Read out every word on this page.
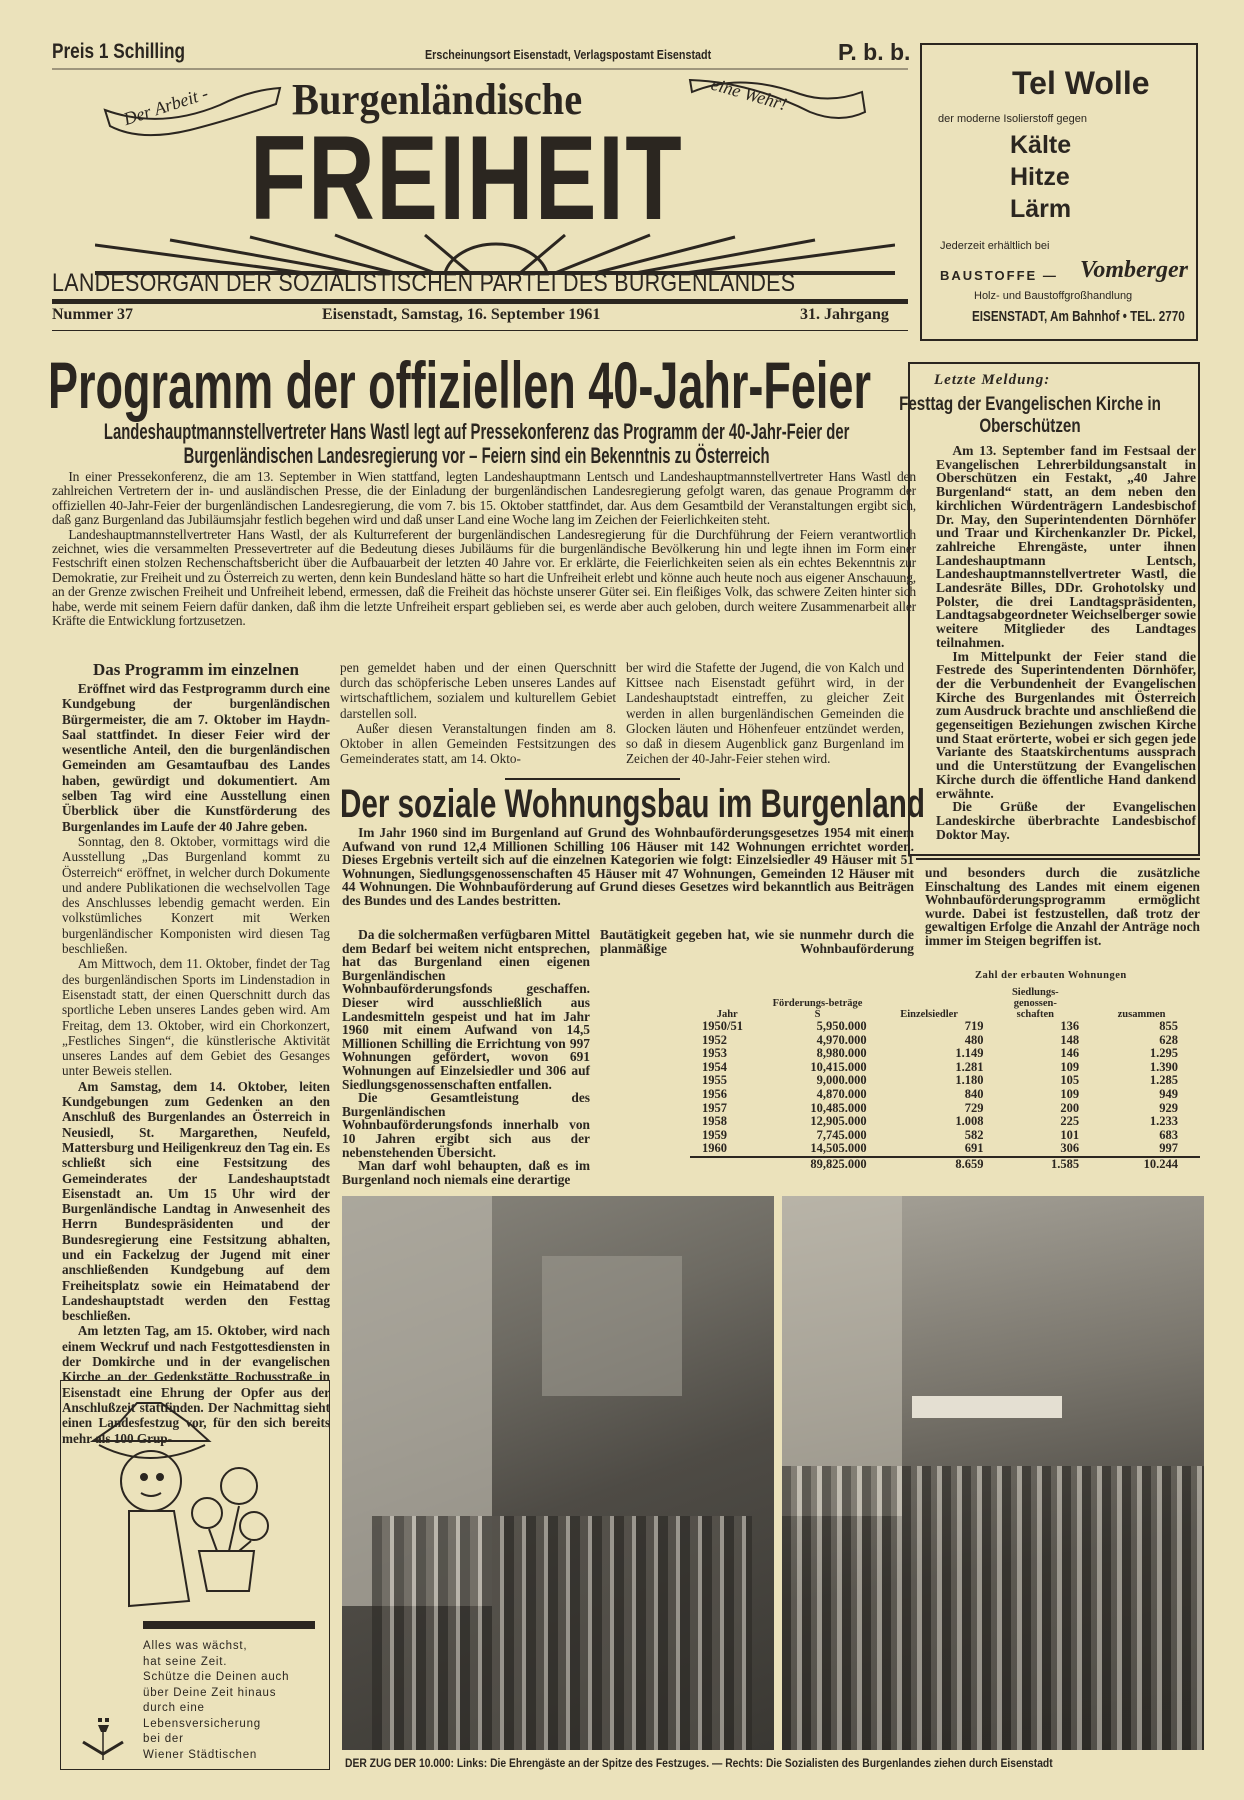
Preis 1 Schilling	Erscheinungsort Eisenstadt, Verlagspostamt Eisenstadt	P. b. b.
Der Arbeit -	eine Wehr!
Burgenländische
FREIHEIT
LANDESORGAN DER SOZIALISTISCHEN PARTEI DES BURGENLANDES
Nummer 37	Eisenstadt, Samstag, 16. September 1961	31. Jahrgang
Tel Wolle
der moderne Isolierstoff gegen
Kälte
Hitze
Lärm
Jederzeit erhältlich bei
BAUSTOFFE — Vomberger
Holz- und Baustoffgroßhandlung
EISENSTADT, Am Bahnhof • TEL. 2770
Programm der offiziellen 40-Jahr-Feier
Landeshauptmannstellvertreter Hans Wastl legt auf Pressekonferenz das Programm der 40-Jahr-Feier der Burgenländischen Landesregierung vor – Feiern sind ein Bekenntnis zu Österreich

In einer Pressekonferenz, die am 13. September in Wien stattfand, legten Landeshauptmann Lentsch und Landeshauptmannstellvertreter Hans Wastl den zahlreichen Vertretern der in- und ausländischen Presse, die der Einladung der burgenländischen Landesregierung gefolgt waren, das genaue Programm der offiziellen 40-Jahr-Feier der burgenländischen Landesregierung, die vom 7. bis 15. Oktober stattfindet, dar. Aus dem Gesamtbild der Veranstaltungen ergibt sich, daß ganz Burgenland das Jubiläumsjahr festlich begehen wird und daß unser Land eine Woche lang im Zeichen der Feierlichkeiten steht.

Landeshauptmannstellvertreter Hans Wastl, der als Kulturreferent der burgenländischen Landesregierung für die Durchführung der Feiern verantwortlich zeichnet, wies die versammelten Pressevertreter auf die Bedeutung dieses Jubiläums für die burgenländische Bevölkerung hin und legte ihnen im Form einer Festschrift einen stolzen Rechenschaftsbericht über die Aufbauarbeit der letzten 40 Jahre vor. Er erklärte, die Feierlichkeiten seien als ein echtes Bekenntnis zur Demokratie, zur Freiheit und zu Österreich zu werten, denn kein Bundesland hätte so hart die Unfreiheit erlebt und könne auch heute noch aus eigener Anschauung, an der Grenze zwischen Freiheit und Unfreiheit lebend, ermessen, daß die Freiheit das höchste unserer Güter sei. Ein fleißiges Volk, das schwere Zeiten hinter sich habe, werde mit seinem Feiern dafür danken, daß ihm die letzte Unfreiheit erspart geblieben sei, es werde aber auch geloben, durch weitere Zusammenarbeit aller Kräfte die Entwicklung fortzusetzen.

Das Programm im einzelnen

Eröffnet wird das Festprogramm durch eine Kundgebung der burgenländischen Bürgermeister, die am 7. Oktober im Haydn-Saal stattfindet. In dieser Feier wird der wesentliche Anteil, den die burgenländischen Gemeinden am Gesamtaufbau des Landes haben, gewürdigt und dokumentiert. Am selben Tag wird eine Ausstellung einen Überblick über die Kunstförderung des Burgenlandes im Laufe der 40 Jahre geben.

Sonntag, den 8. Oktober, vormittags wird die Ausstellung „Das Burgenland kommt zu Österreich“ eröffnet, in welcher durch Dokumente und andere Publikationen die wechselvollen Tage des Anschlusses lebendig gemacht werden. Ein volkstümliches Konzert mit Werken burgenländischer Komponisten wird diesen Tag beschließen.

Am Mittwoch, dem 11. Oktober, findet der Tag des burgenländischen Sports im Lindenstadion in Eisenstadt statt, der einen Querschnitt durch das sportliche Leben unseres Landes geben wird. Am Freitag, dem 13. Oktober, wird ein Chorkonzert, „Festliches Singen“, die künstlerische Aktivität unseres Landes auf dem Gebiet des Gesanges unter Beweis stellen.

Am Samstag, dem 14. Oktober, leiten Kundgebungen zum Gedenken an den Anschluß des Burgenlandes an Österreich in Neusiedl, St. Margarethen, Neufeld, Mattersburg und Heiligenkreuz den Tag ein. Es schließt sich eine Festsitzung des Gemeinderates der Landeshauptstadt Eisenstadt an. Um 15 Uhr wird der Burgenländische Landtag in Anwesenheit des Herrn Bundespräsidenten und der Bundesregierung eine Festsitzung abhalten, und ein Fackelzug der Jugend mit einer anschließenden Kundgebung auf dem Freiheitsplatz sowie ein Heimatabend der Landeshauptstadt werden den Festtag beschließen.

Am letzten Tag, am 15. Oktober, wird nach einem Weckruf und nach Festgottesdiensten in der Domkirche und in der evangelischen Kirche an der Gedenkstätte Rochusstraße in Eisenstadt eine Ehrung der Opfer aus der Anschlußzeit stattfinden. Der Nachmittag sieht einen Landesfestzug vor, für den sich bereits mehr als 100 Grup-

pen gemeldet haben und der einen Querschnitt durch das schöpferische Leben unseres Landes auf wirtschaftlichem, sozialem und kulturellem Gebiet darstellen soll.

Außer diesen Veranstaltungen finden am 8. Oktober in allen Gemeinden Festsitzungen des Gemeinderates statt, am 14. Okto-

ber wird die Stafette der Jugend, die von Kalch und Kittsee nach Eisenstadt geführt wird, in der Landeshauptstadt eintreffen, zu gleicher Zeit werden in allen burgenländischen Gemeinden die Glocken läuten und Höhenfeuer entzündet werden, so daß in diesem Augenblick ganz Burgenland im Zeichen der 40-Jahr-Feier stehen wird.

Letzte Meldung:
Festtag der Evangelischen Kirche in Oberschützen

Am 13. September fand im Festsaal der Evangelischen Lehrerbildungsanstalt in Oberschützen ein Festakt, „40 Jahre Burgenland“ statt, an dem neben den kirchlichen Würdenträgern Landesbischof Dr. May, den Superintendenten Dörnhöfer und Traar und Kirchenkanzler Dr. Pickel, zahlreiche Ehrengäste, unter ihnen Landeshauptmann Lentsch, Landeshauptmannstellvertreter Wastl, die Landesräte Billes, DDr. Grohotolsky und Polster, die drei Landtagspräsidenten, Landtagsabgeordneter Weichselberger sowie weitere Mitglieder des Landtages teilnahmen.

Im Mittelpunkt der Feier stand die Festrede des Superintendenten Dörnhöfer, der die Verbundenheit der Evangelischen Kirche des Burgenlandes mit Österreich zum Ausdruck brachte und anschließend die gegenseitigen Beziehungen zwischen Kirche und Staat erörterte, wobei er sich gegen jede Variante des Staatskirchentums aussprach und die Unterstützung der Evangelischen Kirche durch die öffentliche Hand dankend erwähnte.

Die Grüße der Evangelischen Landeskirche überbrachte Landesbischof Doktor May.

Der soziale Wohnungsbau im Burgenland

Im Jahr 1960 sind im Burgenland auf Grund des Wohnbauförderungsgesetzes 1954 mit einem Aufwand von rund 12,4 Millionen Schilling 106 Häuser mit 142 Wohnungen errichtet worden. Dieses Ergebnis verteilt sich auf die einzelnen Kategorien wie folgt: Einzelsiedler 49 Häuser mit 51 Wohnungen, Siedlungsgenossenschaften 45 Häuser mit 47 Wohnungen, Gemeinden 12 Häuser mit 44 Wohnungen. Die Wohnbauförderung auf Grund dieses Gesetzes wird bekanntlich aus Beiträgen des Bundes und des Landes bestritten.

Da die solchermaßen verfügbaren Mittel dem Bedarf bei weitem nicht entsprechen, hat das Burgenland einen eigenen Burgenländischen Wohnbauförderungsfonds geschaffen. Dieser wird ausschließlich aus Landesmitteln gespeist und hat im Jahr 1960 mit einem Aufwand von 14,5 Millionen Schilling die Errichtung von 997 Wohnungen gefördert, wovon 691 Wohnungen auf Einzelsiedler und 306 auf Siedlungsgenossenschaften entfallen.

Die Gesamtleistung des Burgenländischen Wohnbauförderungsfonds innerhalb von 10 Jahren ergibt sich aus der nebenstehenden Übersicht.

Man darf wohl behaupten, daß es im Burgenland noch niemals eine derartige

Bautätigkeit gegeben hat, wie sie nunmehr durch die planmäßige Wohnbauförderung
und besonders durch die zusätzliche Einschaltung des Landes mit einem eigenen Wohnbauförderungsprogramm ermöglicht wurde. Dabei ist festzustellen, daß trotz der gewaltigen Erfolge die Anzahl der Anträge noch immer im Steigen begriffen ist.
Zahl der erbauten Wohnungen
Jahr	Förderungs-beträge S	Einzelsiedler	Siedlungs-genossen-schaften	zusammen
1950/51	5,950.000	719	136	855
1952	4,970.000	480	148	628
1953	8,980.000	1.149	146	1.295
1954	10,415.000	1.281	109	1.390
1955	9,000.000	1.180	105	1.285
1956	4,870.000	840	109	949
1957	10,485.000	729	200	929
1958	12,905.000	1.008	225	1.233
1959	7,745.000	582	101	683
1960	14,505.000	691	306	997
	89,825.000	8.659	1.585	10.244
DER ZUG DER 10.000: Links: Die Ehrengäste an der Spitze des Festzuges. — Rechts: Die Sozialisten des Burgenlandes ziehen durch Eisenstadt
Alles was wächst,
hat seine Zeit.
Schütze die Deinen auch
über Deine Zeit hinaus
durch eine
Lebensversicherung
bei der
Wiener Städtischen
